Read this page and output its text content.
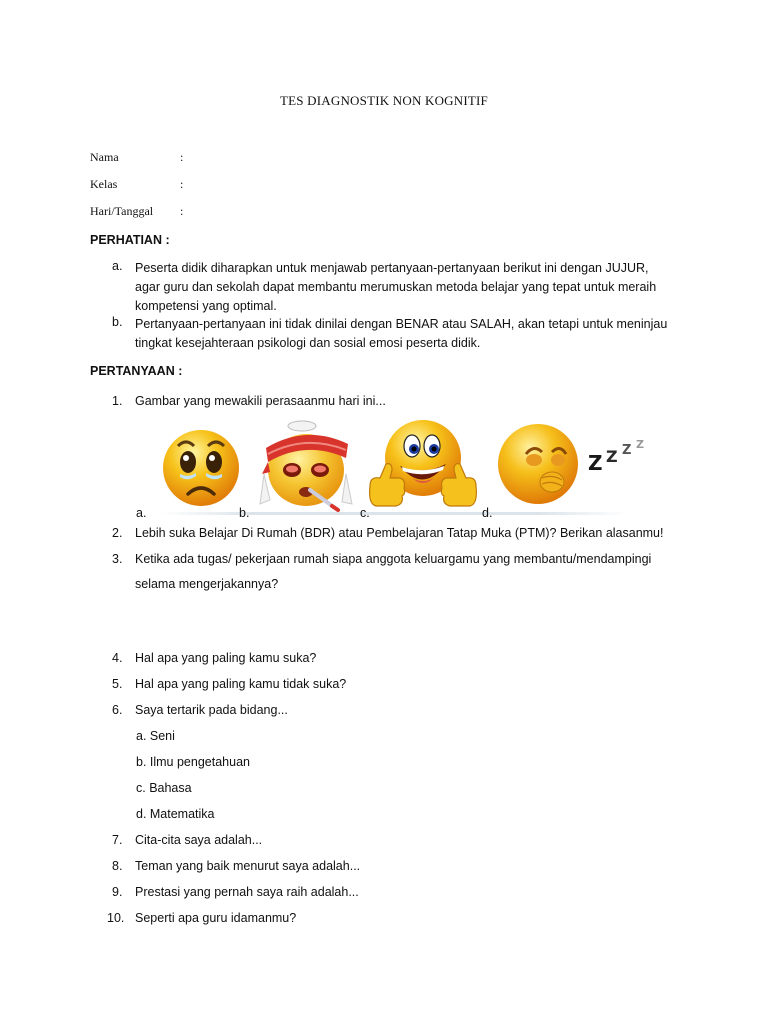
TES DIAGNOSTIK NON KOGNITIF
Nama	:
Kelas	:
Hari/Tanggal :
PERHATIAN :
a. Peserta didik diharapkan untuk menjawab pertanyaan-pertanyaan berikut ini dengan JUJUR, agar guru dan sekolah dapat membantu merumuskan metoda belajar yang tepat untuk meraih kompetensi yang optimal.
b. Pertanyaan-pertanyaan ini tidak dinilai dengan BENAR atau SALAH, akan tetapi untuk meninjau tingkat kesejahteraan psikologi dan sosial emosi peserta didik.
PERTANYAAN :
1. Gambar yang mewakili perasaanmu hari ini...
Z Z Z Z
a.	b.	c.	d.
2. Lebih suka Belajar Di Rumah (BDR) atau Pembelajaran Tatap Muka (PTM)? Berikan alasanmu!
3. Ketika ada tugas/ pekerjaan rumah siapa anggota keluargamu yang membantu/mendampingi
selama mengerjakannya?
4. Hal apa yang paling kamu suka?
5. Hal apa yang paling kamu tidak suka?
6. Saya tertarik pada bidang...
a. Seni
b. Ilmu pengetahuan
c. Bahasa
d. Matematika
7. Cita-cita saya adalah...
8. Teman yang baik menurut saya adalah...
9. Prestasi yang pernah saya raih adalah...
10. Seperti apa guru idamanmu?
